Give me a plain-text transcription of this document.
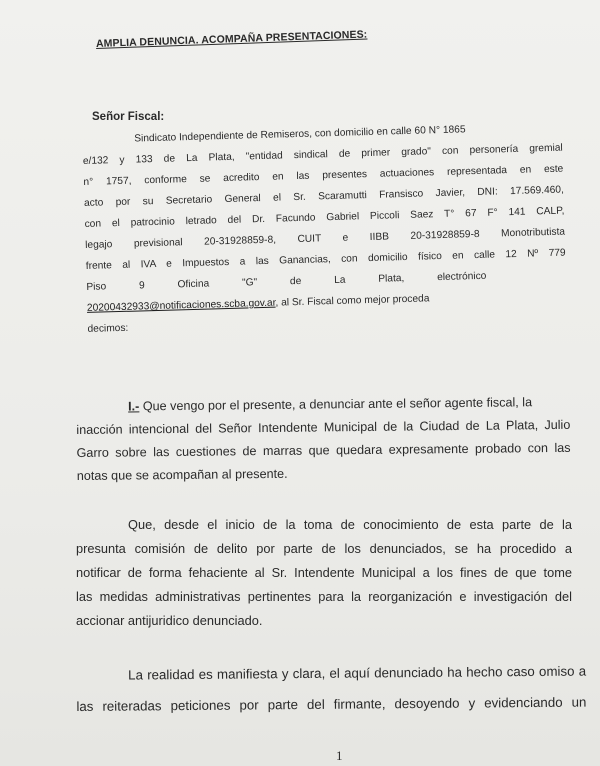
AMPLIA DENUNCIA. ACOMPAÑA PRESENTACIONES:
Señor Fiscal:
Sindicato Independiente de Remiseros, con domicilio en calle 60 N° 1865
e/132 y 133 de La Plata, "entidad sindical de primer grado" con personería gremial
n° 1757, conforme se acredito en las presentes actuaciones representada en este
acto por su Secretario General el Sr. Scaramutti Fransisco Javier, DNI: 17.569.460,
con el patrocinio letrado del Dr. Facundo Gabriel Piccoli Saez T° 67 F° 141 CALP,
legajo previsional 20-31928859-8, CUIT e IIBB 20-31928859-8 Monotributista
frente al IVA e Impuestos a las Ganancias, con domicilio físico en calle 12 Nº 779
Piso 9 Oficina "G" de La Plata, electrónico
20200432933@notificaciones.scba.gov.ar, al Sr. Fiscal como mejor proceda
decimos:
I.- Que vengo por el presente, a denunciar ante el señor agente fiscal, la
inacción intencional del Señor Intendente Municipal de la Ciudad de La Plata, Julio
Garro sobre las cuestiones de marras que quedara expresamente probado con las
notas que se acompañan al presente.
Que, desde el inicio de la toma de conocimiento de esta parte de la
presunta comisión de delito por parte de los denunciados, se ha procedido a
notificar de forma fehaciente al Sr. Intendente Municipal a los fines de que tome
las medidas administrativas pertinentes para la reorganización e investigación del
accionar antijuridico denunciado.
La realidad es manifiesta y clara, el aquí denunciado ha hecho caso omiso a
las reiteradas peticiones por parte del firmante, desoyendo y evidenciando un
1
